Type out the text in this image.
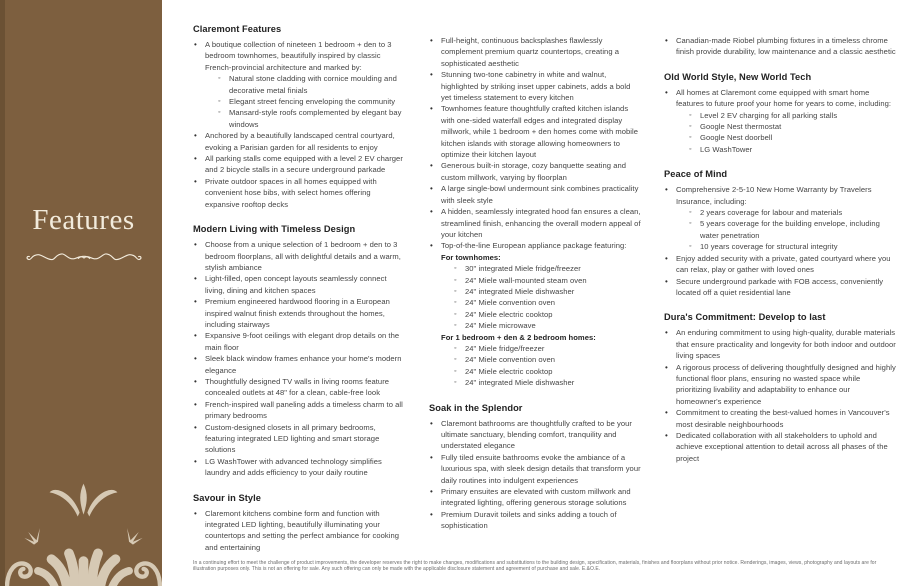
Features
Claremont Features
• A boutique collection of nineteen 1 bedroom + den to 3 bedroom townhomes, beautifully inspired by classic French-provincial architecture and marked by:
◦ Natural stone cladding with cornice moulding and decorative metal finials
◦ Elegant street fencing enveloping the community
◦ Mansard-style roofs complemented by elegant bay windows
• Anchored by a beautifully landscaped central courtyard, evoking a Parisian garden for all residents to enjoy
• All parking stalls come equipped with a level 2 EV charger and 2 bicycle stalls in a secure underground parkade
• Private outdoor spaces in all homes equipped with convenient hose bibs, with select homes offering expansive rooftop decks
Modern Living with Timeless Design
• Choose from a unique selection of 1 bedroom + den to 3 bedroom floorplans, all with delightful details and a warm, stylish ambiance
• Light-filled, open concept layouts seamlessly connect living, dining and kitchen spaces
• Premium engineered hardwood flooring in a European inspired walnut finish extends throughout the homes, including stairways
• Expansive 9-foot ceilings with elegant drop details on the main floor
• Sleek black window frames enhance your home's modern elegance
• Thoughtfully designed TV walls in living rooms feature concealed outlets at 48" for a clean, cable-free look
• French-inspired wall paneling adds a timeless charm to all primary bedrooms
• Custom-designed closets in all primary bedrooms, featuring integrated LED lighting and smart storage solutions
• LG WashTower with advanced technology simplifies laundry and adds efficiency to your daily routine
Savour in Style
• Claremont kitchens combine form and function with integrated LED lighting, beautifully illuminating your countertops and setting the perfect ambiance for cooking and entertaining
• Full-height, continuous backsplashes flawlessly complement premium quartz countertops, creating a sophisticated aesthetic
• Stunning two-tone cabinetry in white and walnut, highlighted by striking inset upper cabinets, adds a bold yet timeless statement to every kitchen
• Townhomes feature thoughtfully crafted kitchen islands with one-sided waterfall edges and integrated display millwork, while 1 bedroom + den homes come with mobile kitchen islands with storage allowing homeowners to optimize their kitchen layout
• Generous built-in storage, cozy banquette seating and custom millwork, varying by floorplan
• A large single-bowl undermount sink combines practicality with sleek style
• A hidden, seamlessly integrated hood fan ensures a clean, streamlined finish, enhancing the overall modern appeal of your kitchen
• Top-of-the-line European appliance package featuring:
For townhomes:
◦ 30" integrated Miele fridge/freezer
◦ 24" Miele wall-mounted steam oven
◦ 24" integrated Miele dishwasher
◦ 24" Miele convention oven
◦ 24" Miele electric cooktop
◦ 24" Miele microwave
For 1 bedroom + den & 2 bedroom homes:
◦ 24" Miele fridge/freezer
◦ 24" Miele convention oven
◦ 24" Miele electric cooktop
◦ 24" integrated Miele dishwasher
Soak in the Splendor
• Claremont bathrooms are thoughtfully crafted to be your ultimate sanctuary, blending comfort, tranquility and understated elegance
• Fully tiled ensuite bathrooms evoke the ambiance of a luxurious spa, with sleek design details that transform your daily routines into indulgent experiences
• Primary ensuites are elevated with custom millwork and integrated lighting, offering generous storage solutions
• Premium Duravit toilets and sinks adding a touch of sophistication
• Canadian-made Riobel plumbing fixtures in a timeless chrome finish provide durability, low maintenance and a classic aesthetic
Old World Style, New World Tech
• All homes at Claremont come equipped with smart home features to future proof your home for years to come, including:
◦ Level 2 EV charging for all parking stalls
◦ Google Nest thermostat
◦ Google Nest doorbell
◦ LG WashTower
Peace of Mind
• Comprehensive 2-5-10 New Home Warranty by Travelers Insurance, including:
◦ 2 years coverage for labour and materials
◦ 5 years coverage for the building envelope, including water penetration
◦ 10 years coverage for structural integrity
• Enjoy added security with a private, gated courtyard where you can relax, play or gather with loved ones
• Secure underground parkade with FOB access, conveniently located off a quiet residential lane
Dura's Commitment: Develop to last
• An enduring commitment to using high-quality, durable materials that ensure practicality and longevity for both indoor and outdoor living spaces
• A rigorous process of delivering thoughtfully designed and highly functional floor plans, ensuring no wasted space while prioritizing livability and adaptability to enhance our homeowner's experience
• Commitment to creating the best-valued homes in Vancouver's most desirable neighbourhoods
• Dedicated collaboration with all stakeholders to uphold and achieve exceptional attention to detail across all phases of the project
In a continuing effort to meet the challenge of product improvements, the developer reserves the right to make changes, modifications and substitutions to the building design, specification, materials, finishes and floorplans without prior notice. Renderings, images, views, photography and layouts are for illustration purposes only. This is not an offering for sale. Any such offering can only be made with the applicable disclosure statement and agreement of purchase and sale. E.&O.E.
